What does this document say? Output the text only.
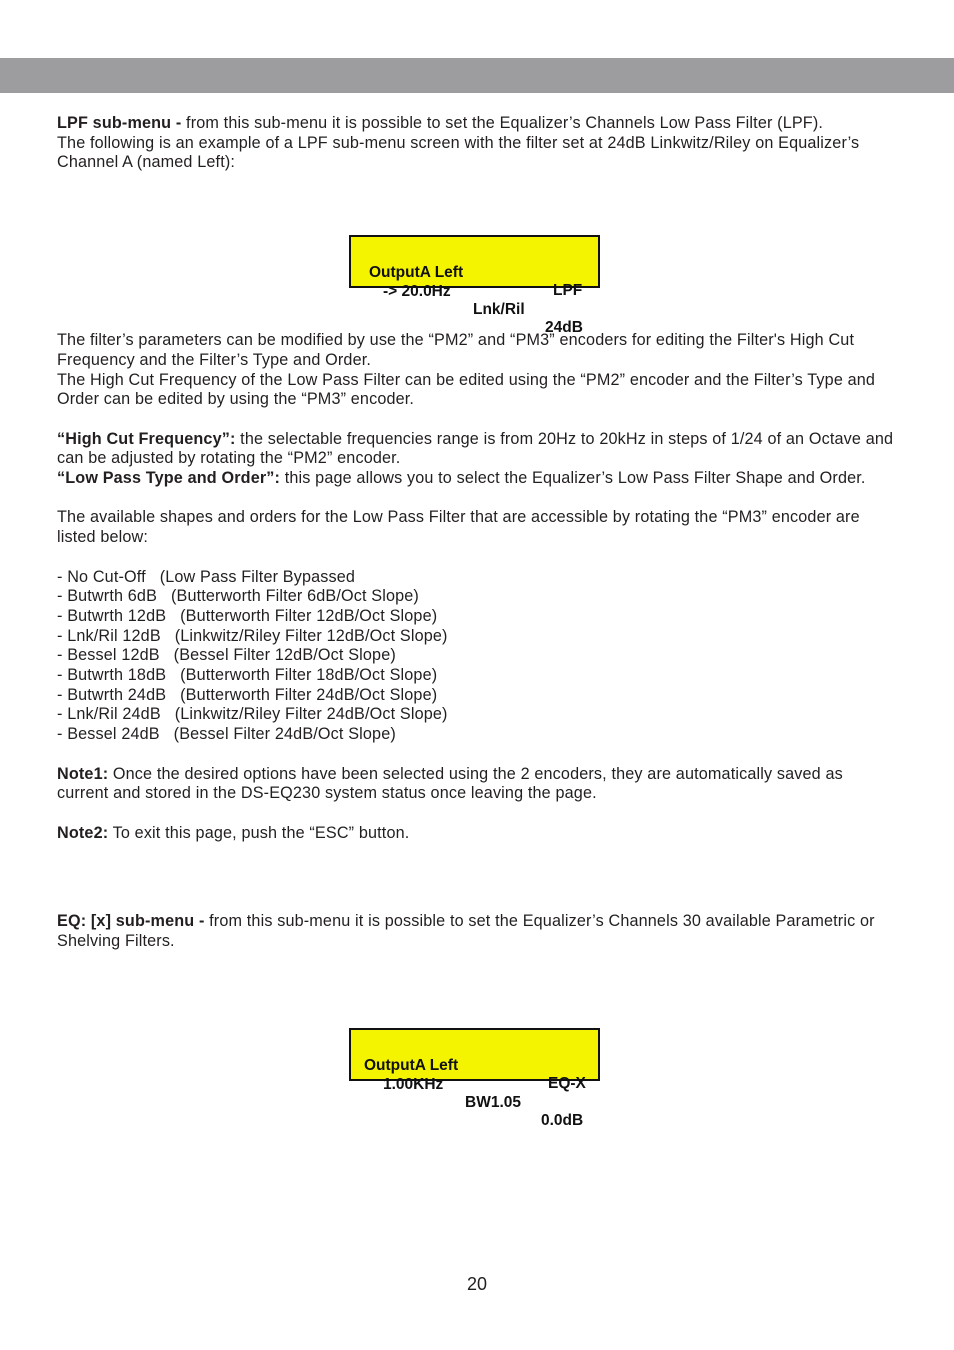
LPF sub-menu - from this sub-menu it is possible to set the Equalizer’s Channels Low Pass Filter (LPF).

The following is an example of a LPF sub-menu screen with the filter set at 24dB Linkwitz/Riley on Equalizer’s Channel A (named Left):

The filter’s parameters can be modified by use the “PM2” and “PM3” encoders for editing the Filter's High Cut Frequency and the Filter’s Type and Order.

The High Cut Frequency of the Low Pass Filter can be edited using the “PM2” encoder and the Filter’s Type and Order can be edited by using the “PM3” encoder.

“High Cut Frequency”: the selectable frequencies range is from 20Hz to 20kHz in steps of 1/24 of an Octave and can be adjusted by rotating the “PM2” encoder.

“Low Pass Type and Order”: this page allows you to select the Equalizer’s Low Pass Filter Shape and Order.

The available shapes and orders for the Low Pass Filter that are accessible by rotating the “PM3” encoder are listed below:

- No Cut-Off   (Low Pass Filter Bypassed

- Butwrth 6dB   (Butterworth Filter 6dB/Oct Slope)

- Butwrth 12dB   (Butterworth Filter 12dB/Oct Slope)

- Lnk/Ril 12dB   (Linkwitz/Riley Filter 12dB/Oct Slope)

- Bessel 12dB   (Bessel Filter 12dB/Oct Slope)

- Butwrth 18dB   (Butterworth Filter 18dB/Oct Slope)

- Butwrth 24dB   (Butterworth Filter 24dB/Oct Slope)

- Lnk/Ril 24dB   (Linkwitz/Riley Filter 24dB/Oct Slope)

- Bessel 24dB   (Bessel Filter 24dB/Oct Slope)

Note1: Once the desired options have been selected using the 2 encoders, they are automatically saved as current and stored in the DS-EQ230 system status once leaving the page.

Note2: To exit this page, push the “ESC” button.

EQ: [x] sub-menu - from this sub-menu it is possible to set the Equalizer’s Channels 30 available Parametric or Shelving Filters.

OutputA Left

LPF

-> 20.0Hz

Lnk/Ril

24dB

OutputA Left

EQ-X

1.00KHz

BW1.05

0.0dB

20
